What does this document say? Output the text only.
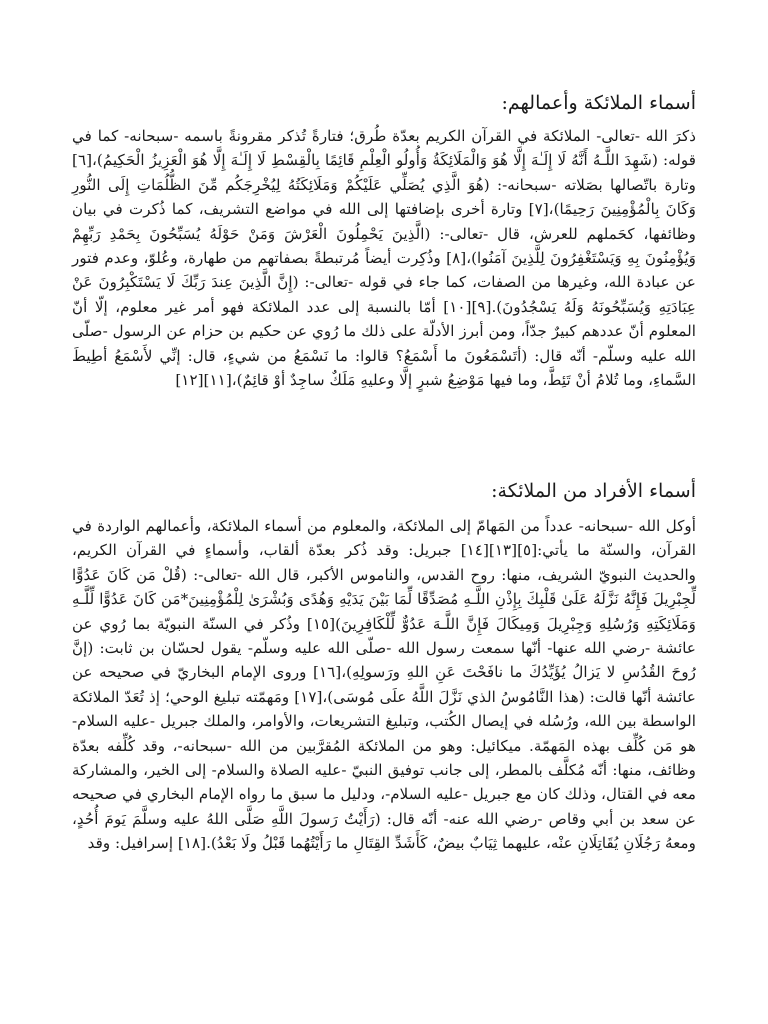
أسماء الملائكة وأعمالهم:

ذكرَ الله -تعالى- الملائكة في القرآن الكريم بعدّة طُرق؛ فتارةً تُذكر مقرونةً باسمه -سبحانه- كما في قوله: (شَهِدَ اللَّـهُ أَنَّهُ لَا إِلَـٰهَ إِلَّا هُوَ وَالْمَلَائِكَةُ وَأُولُو الْعِلْمِ قَائِمًا بِالْقِسْطِ لَا إِلَـٰهَ إِلَّا هُوَ الْعَزِيزُ الْحَكِيمُ)،[٦] وتارة باتّصالها بصَلاته -سبحانه-: (هُوَ الَّذِي يُصَلِّي عَلَيْكُمْ وَمَلَائِكَتُهُ لِيُخْرِجَكُم مِّنَ الظُّلُمَاتِ إِلَى النُّورِ وَكَانَ بِالْمُؤْمِنِينَ رَحِيمًا)،[٧] وتارة أخرى بإضافتها إلى الله في مواضع التشريف، كما ذُكرت في بيان وظائفها، كحَملهم للعرش، قال -تعالى-: (الَّذِينَ يَحْمِلُونَ الْعَرْشَ وَمَنْ حَوْلَهُ يُسَبِّحُونَ بِحَمْدِ رَبِّهِمْ وَيُؤْمِنُونَ بِهِ وَيَسْتَغْفِرُونَ لِلَّذِينَ آمَنُوا)،[٨] وذُكِرت أيضاً مُرتبطةً بصفاتهم من طهارة، وعُلوّ، وعدم فتور عن عبادة الله، وغيرها من الصفات، كما جاء في قوله -تعالى-: (إِنَّ الَّذِينَ عِندَ رَبِّكَ لَا يَسْتَكْبِرُونَ عَنْ عِبَادَتِهِ وَيُسَبِّحُونَهُ وَلَهُ يَسْجُدُونَ).[٩][١٠] أمّا بالنسبة إلى عدد الملائكة فهو أمر غير معلوم، إلّا أنّ المعلوم أنّ عددهم كبيرٌ جدّاً، ومن أبرز الأدلّة على ذلك ما رُوي عن حكيم بن حزام عن الرسول -صلّى الله عليه وسلّم- أنّه قال: (أتَسْمَعُونَ ما أَسْمَعُ؟ قالوا: ما نَسْمَعُ من شيءٍ، قال: إنِّي لأَسْمَعُ أطِيطَ السَّماءِ، وما تُلامُ أنْ تَئِطَّ، وما فيها مَوْضِعُ شبرٍ إلَّا وعليهِ مَلَكٌ ساجِدٌ أوْ قائِمٌ)،[١١][١٢]

أسماء الأفراد من الملائكة:

أوكل الله -سبحانه- عدداً من المَهامّ إلى الملائكة، والمعلوم من أسماء الملائكة، وأعمالهم الواردة في القرآن، والسنّة ما يأتي:[٥][١٣][١٤] جبريل: وقد ذُكر بعدّة ألقاب، وأسماءٍ في القرآن الكريم، والحديث النبويّ الشريف، منها: روح القدس، والناموس الأكبر، قال الله -تعالى-: (قُلْ مَن كَانَ عَدُوًّا لِّجِبْرِيلَ فَإِنَّهُ نَزَّلَهُ عَلَىٰ قَلْبِكَ بِإِذْنِ اللَّـهِ مُصَدِّقًا لِّمَا بَيْنَ يَدَيْهِ وَهُدًى وَبُشْرَىٰ لِلْمُؤْمِنِينَ*مَن كَانَ عَدُوًّا لِّلَّـهِ وَمَلَائِكَتِهِ وَرُسُلِهِ وَجِبْرِيلَ وَمِيكَالَ فَإِنَّ اللَّـهَ عَدُوٌّ لِّلْكَافِرِينَ)[١٥] وذُكر في السنّة النبويّة بما رُوي عن عائشة -رضي الله عنها- أنّها سمعت رسول الله -صلّى الله عليه وسلّم- يقول لحسّان بن ثابت: (إنَّ رُوحَ القُدُسِ لا يَزالُ يُؤَيِّدُكَ ما نافَحْتَ عَنِ اللهِ ورَسولِهِ)،[١٦] وروى الإمام البخاريّ في صحيحه عن عائشة أنّها قالت: (هذا النَّامُوسُ الذي نَزَّلَ اللَّهُ علَى مُوسَى)،[١٧] ومَهمّته تبليغ الوحي؛ إذ تُعَدّ الملائكة الواسطة بين الله، ورُسُله في إيصال الكُتب، وتبليغ التشريعات، والأوامر، والملك جبريل -عليه السلام- هو مَن كُلِّف بهذه المَهمّة. ميكائيل: وهو من الملائكة المُقرَّبين من الله -سبحانه-، وقد كُلِّفه بعدّة وظائف، منها: أنّه مُكلَّف بالمطر، إلى جانب توفيق النبيّ -عليه الصلاة والسلام- إلى الخير، والمشاركة معه في القتال، وذلك كان مع جبريل -عليه السلام-، ودليل ما سبق ما رواه الإمام البخاري في صحيحه عن سعد بن أبي وقاص -رضي الله عنه- أنّه قال: (رَأَيْتُ رَسولَ اللَّهِ صَلَّى اللهُ عليه وسلَّمَ يَومَ أُحُدٍ، ومعهُ رَجُلَانِ يُقَاتِلَانِ عنْه، عليهما ثِيَابٌ بيضٌ، كَأَشَدِّ القِتَالِ ما رَأَيْتُهُما قَبْلُ ولَا بَعْدُ).[١٨] إسرافيل: وقد
